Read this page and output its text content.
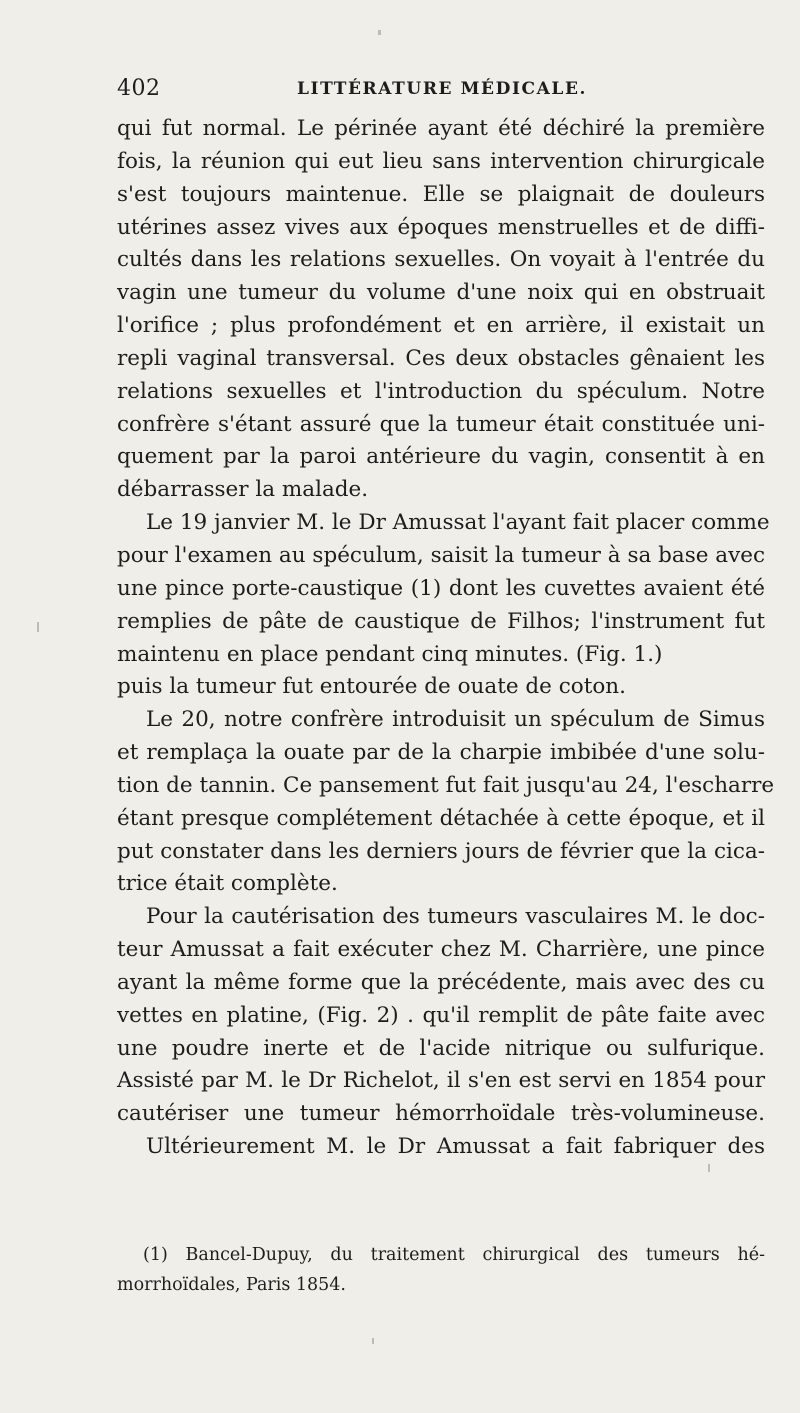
402	LITTÉRATURE MÉDICALE.
qui fut normal. Le périnée ayant été déchiré la première
fois, la réunion qui eut lieu sans intervention chirurgicale
s'est toujours maintenue. Elle se plaignait de douleurs
utérines assez vives aux époques menstruelles et de diffi-
cultés dans les relations sexuelles. On voyait à l'entrée du
vagin une tumeur du volume d'une noix qui en obstruait
l'orifice ; plus profondément et en arrière, il existait un
repli vaginal transversal. Ces deux obstacles gênaient les
relations sexuelles et l'introduction du spéculum. Notre
confrère s'étant assuré que la tumeur était constituée uni-
quement par la paroi antérieure du vagin, consentit à en
débarrasser la malade.
Le 19 janvier M. le Dr Amussat l'ayant fait placer comme
pour l'examen au spéculum, saisit la tumeur à sa base avec
une pince porte-caustique (1) dont les cuvettes avaient été
remplies de pâte de caustique de Filhos; l'instrument fut
maintenu en place pendant cinq minutes. (Fig. 1.)
puis la tumeur fut entourée de ouate de coton.
Le 20, notre confrère introduisit un spéculum de Simus
et remplaça la ouate par de la charpie imbibée d'une solu-
tion de tannin. Ce pansement fut fait jusqu'au 24, l'escharre
étant presque complétement détachée à cette époque, et il
put constater dans les derniers jours de février que la cica-
trice était complète.
Pour la cautérisation des tumeurs vasculaires M. le doc-
teur Amussat a fait exécuter chez M. Charrière, une pince
ayant la même forme que la précédente, mais avec des cu
vettes en platine, (Fig. 2) . qu'il remplit de pâte faite avec
une poudre inerte et de l'acide nitrique ou sulfurique.
Assisté par M. le Dr Richelot, il s'en est servi en 1854 pour
cautériser une tumeur hémorrhoïdale très-volumineuse.
Ultérieurement M. le Dr Amussat a fait fabriquer des
(1) Bancel-Dupuy, du traitement chirurgical des tumeurs hé-
morrhoïdales, Paris 1854.
